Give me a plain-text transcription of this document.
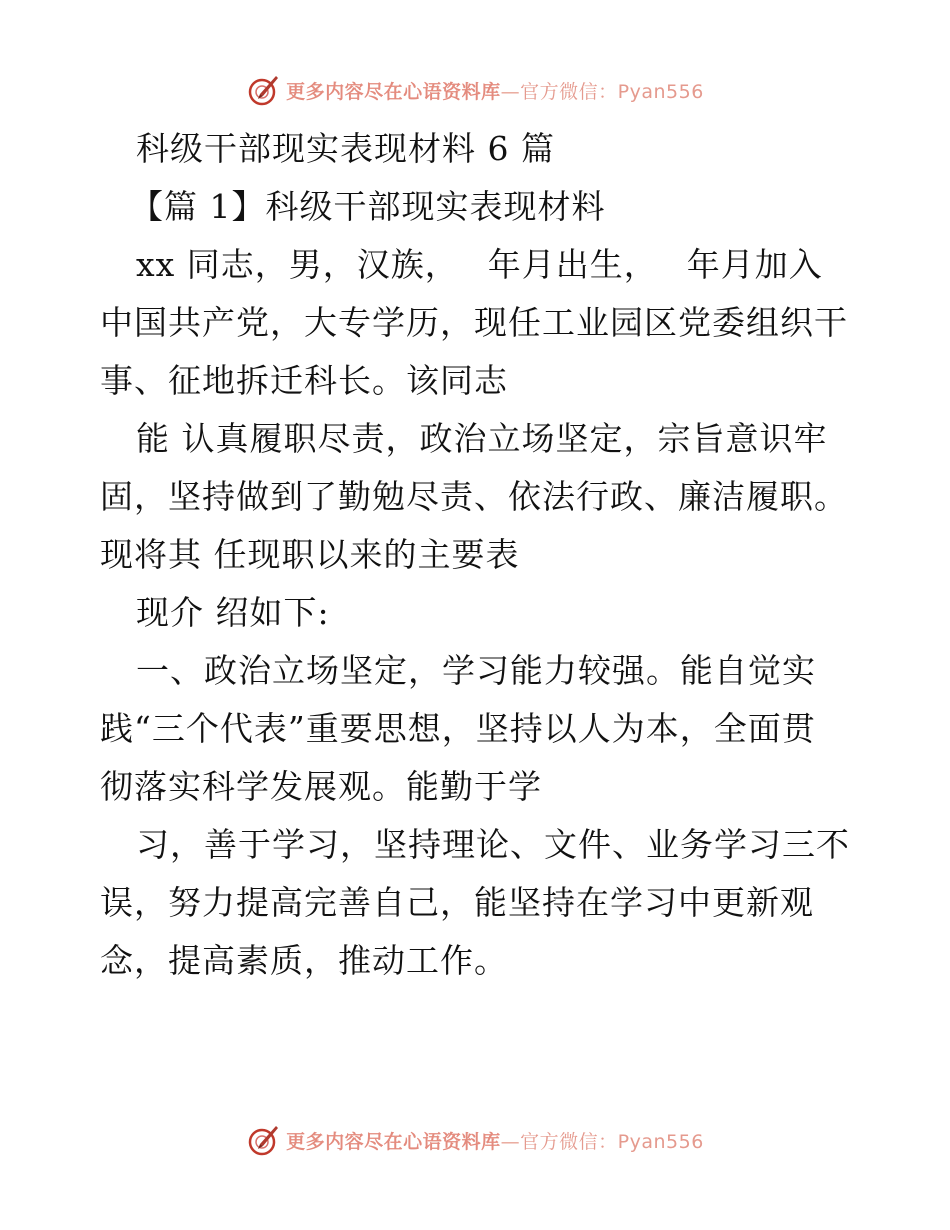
更多内容尽在心语资料库—官方微信：Pyan556
科级干部现实表现材料 6 篇
【篇 1】科级干部现实表现材料
xx 同志，男，汉族，　 年月出生，　 年月加入
中国共产党，大专学历，现任工业园区党委组织干
事、征地拆迁科长。该同志
能 认真履职尽责，政治立场坚定，宗旨意识牢
固，坚持做到了勤勉尽责、依法行政、廉洁履职。
现将其 任现职以来的主要表
现介 绍如下:
一、政治立场坚定，学习能力较强。能自觉实
践“三个代表”重要思想，坚持以人为本，全面贯
彻落实科学发展观。能勤于学
习，善于学习，坚持理论、文件、业务学习三不
误，努力提高完善自己，能坚持在学习中更新观
念，提高素质，推动工作。
更多内容尽在心语资料库—官方微信：Pyan556
